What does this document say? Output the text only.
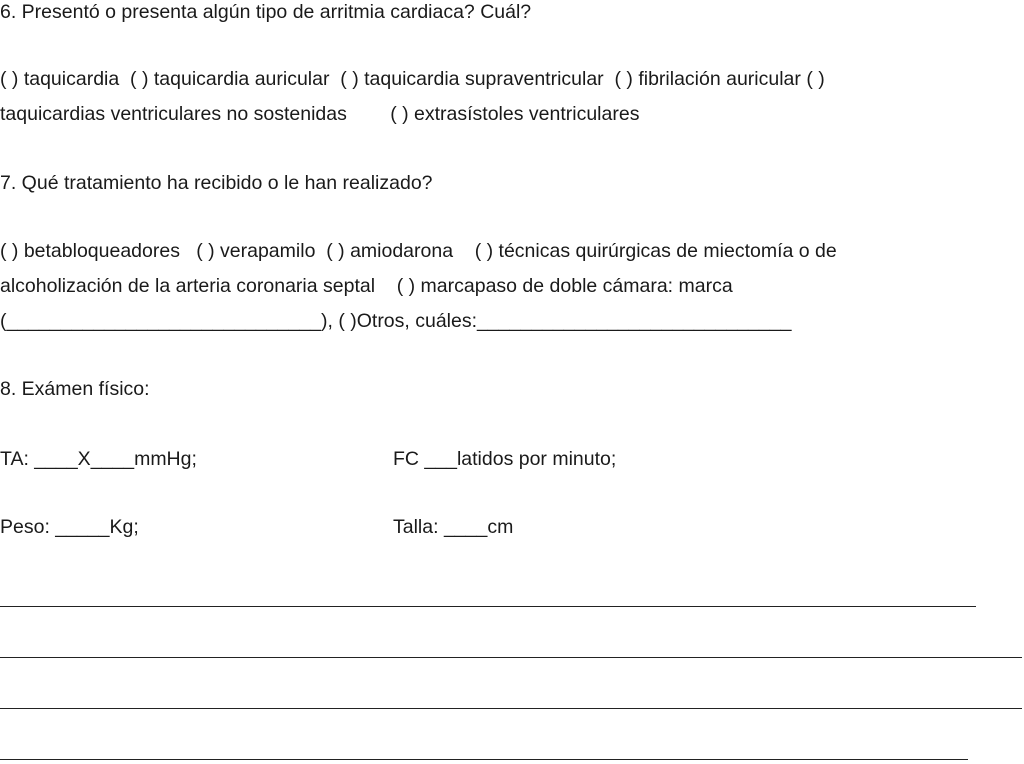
6. Presentó o presenta algún tipo de arritmia cardiaca? Cuál?
( ) taquicardia  ( ) taquicardia auricular  ( ) taquicardia supraventricular  ( ) fibrilación auricular ( )
taquicardias ventriculares no sostenidas        ( ) extrasístoles ventriculares
7. Qué tratamiento ha recibido o le han realizado?
( ) betabloqueadores   ( ) verapamilo  ( ) amiodarona    ( ) técnicas quirúrgicas de miectomía o de
alcoholización de la arteria coronaria septal    ( ) marcapaso de doble cámara: marca
(_____________________________), ( )Otros, cuáles:_____________________________
8. Exámen físico:
TA: ____X____mmHg;	FC ___latidos por minuto;
Peso: _____Kg;	Talla: ____cm
